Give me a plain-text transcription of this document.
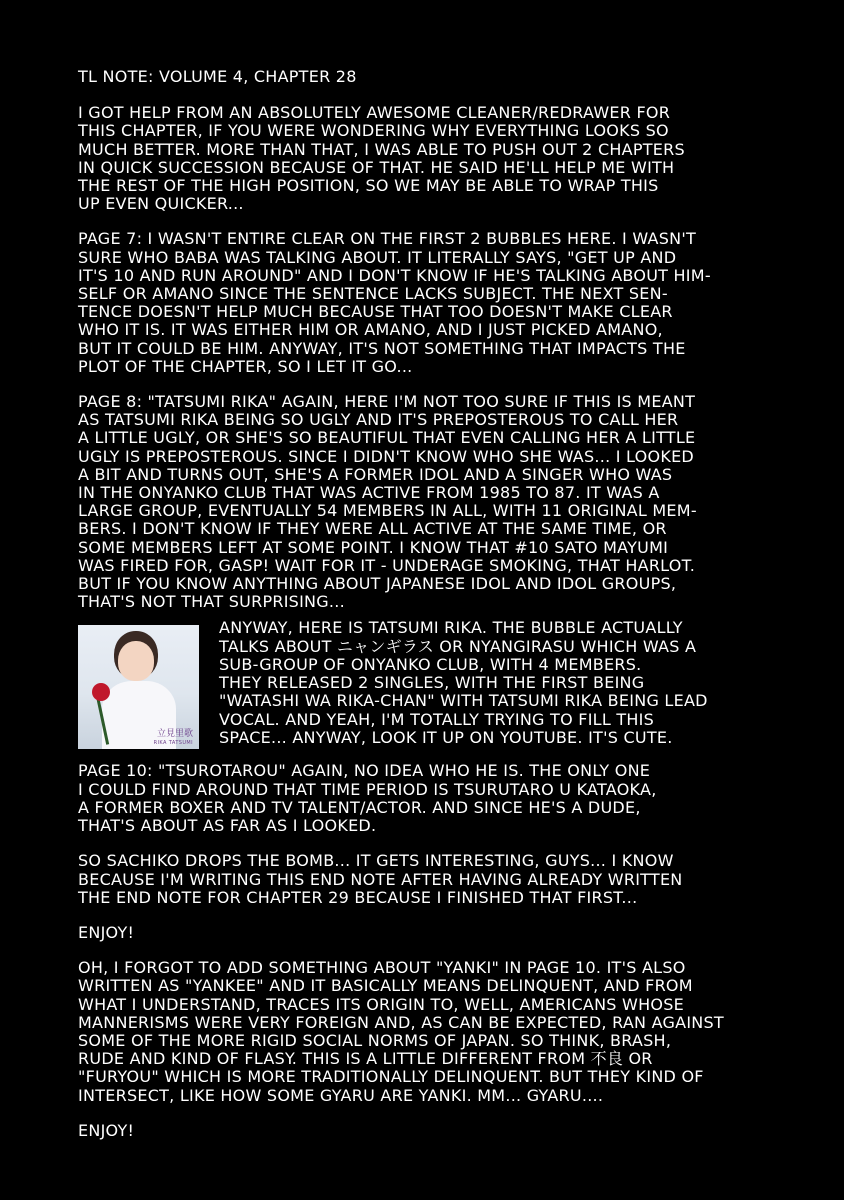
TL NOTE: VOLUME 4, CHAPTER 28

I GOT HELP FROM AN ABSOLUTELY AWESOME CLEANER/REDRAWER FOR
THIS CHAPTER, IF YOU WERE WONDERING WHY EVERYTHING LOOKS SO
MUCH BETTER. MORE THAN THAT, I WAS ABLE TO PUSH OUT 2 CHAPTERS
IN QUICK SUCCESSION BECAUSE OF THAT. HE SAID HE'LL HELP ME WITH
THE REST OF THE HIGH POSITION, SO WE MAY BE ABLE TO WRAP THIS
UP EVEN QUICKER...

PAGE 7: I WASN'T ENTIRE CLEAR ON THE FIRST 2 BUBBLES HERE. I WASN'T
SURE WHO BABA WAS TALKING ABOUT. IT LITERALLY SAYS, "GET UP AND
IT'S 10 AND RUN AROUND" AND I DON'T KNOW IF HE'S TALKING ABOUT HIM-
SELF OR AMANO SINCE THE SENTENCE LACKS SUBJECT. THE NEXT SEN-
TENCE DOESN'T HELP MUCH BECAUSE THAT TOO DOESN'T MAKE CLEAR
WHO IT IS. IT WAS EITHER HIM OR AMANO, AND I JUST PICKED AMANO,
BUT IT COULD BE HIM. ANYWAY, IT'S NOT SOMETHING THAT IMPACTS THE
PLOT OF THE CHAPTER, SO I LET IT GO...

PAGE 8: "TATSUMI RIKA" AGAIN, HERE I'M NOT TOO SURE IF THIS IS MEANT
AS TATSUMI RIKA BEING SO UGLY AND IT'S PREPOSTEROUS TO CALL HER
A LITTLE UGLY, OR SHE'S SO BEAUTIFUL THAT EVEN CALLING HER A LITTLE
UGLY IS PREPOSTEROUS. SINCE I DIDN'T KNOW WHO SHE WAS... I LOOKED
A BIT AND TURNS OUT, SHE'S A FORMER IDOL AND A SINGER WHO WAS
IN THE ONYANKO CLUB THAT WAS ACTIVE FROM 1985 TO 87. IT WAS A
LARGE GROUP, EVENTUALLY 54 MEMBERS IN ALL, WITH 11 ORIGINAL MEM-
BERS. I DON'T KNOW IF THEY WERE ALL ACTIVE AT THE SAME TIME, OR
SOME MEMBERS LEFT AT SOME POINT. I KNOW THAT #10 SATO MAYUMI
WAS FIRED FOR, GASP! WAIT FOR IT - UNDERAGE SMOKING, THAT HARLOT.
BUT IF YOU KNOW ANYTHING ABOUT JAPANESE IDOL AND IDOL GROUPS,
THAT'S NOT THAT SURPRISING...

立見里歌
RIKA TATSUMI

ANYWAY, HERE IS TATSUMI RIKA. THE BUBBLE ACTUALLY
TALKS ABOUT ニャンギラス OR NYANGIRASU WHICH WAS A
SUB-GROUP OF ONYANKO CLUB, WITH 4 MEMBERS.
THEY RELEASED 2 SINGLES, WITH THE FIRST BEING
"WATASHI WA RIKA-CHAN" WITH TATSUMI RIKA BEING LEAD
VOCAL. AND YEAH, I'M TOTALLY TRYING TO FILL THIS
SPACE... ANYWAY, LOOK IT UP ON YOUTUBE. IT'S CUTE.

PAGE 10: "TSUROTAROU" AGAIN, NO IDEA WHO HE IS. THE ONLY ONE
I COULD FIND AROUND THAT TIME PERIOD IS TSURUTARO U KATAOKA,
A FORMER BOXER AND TV TALENT/ACTOR. AND SINCE HE'S A DUDE,
THAT'S ABOUT AS FAR AS I LOOKED.

SO SACHIKO DROPS THE BOMB... IT GETS INTERESTING, GUYS... I KNOW
BECAUSE I'M WRITING THIS END NOTE AFTER HAVING ALREADY WRITTEN
THE END NOTE FOR CHAPTER 29 BECAUSE I FINISHED THAT FIRST...

ENJOY!

OH, I FORGOT TO ADD SOMETHING ABOUT "YANKI" IN PAGE 10. IT'S ALSO
WRITTEN AS "YANKEE" AND IT BASICALLY MEANS DELINQUENT, AND FROM
WHAT I UNDERSTAND, TRACES ITS ORIGIN TO, WELL, AMERICANS WHOSE
MANNERISMS WERE VERY FOREIGN AND, AS CAN BE EXPECTED, RAN AGAINST
SOME OF THE MORE RIGID SOCIAL NORMS OF JAPAN. SO THINK, BRASH,
RUDE AND KIND OF FLASY. THIS IS A LITTLE DIFFERENT FROM 不良 OR
"FURYOU" WHICH IS MORE TRADITIONALLY DELINQUENT. BUT THEY KIND OF
INTERSECT, LIKE HOW SOME GYARU ARE YANKI. MM... GYARU....

ENJOY!
